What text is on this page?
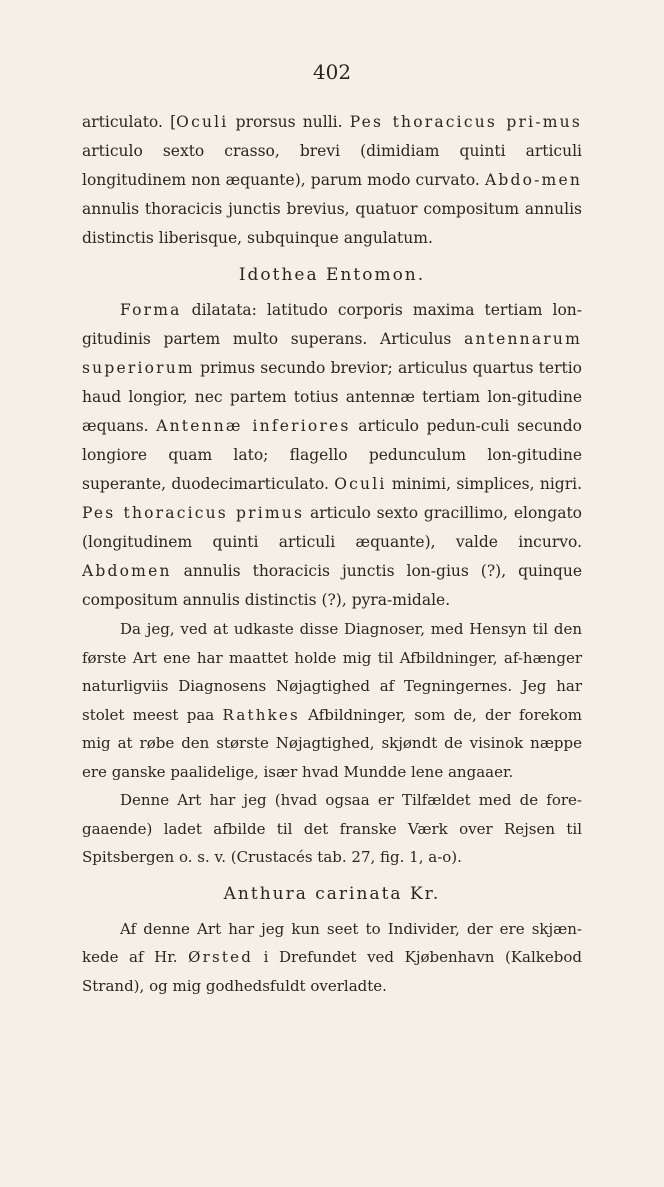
402

articulato. [Oculi prorsus nulli. Pes thoracicus pri-mus articulo sexto crasso, brevi (dimidiam quinti articuli longitudinem non æquante), parum modo curvato. Abdo-men annulis thoracicis junctis brevius, quatuor compositum annulis distinctis liberisque, subquinque angulatum.

Idothea Entomon.

Forma dilatata: latitudo corporis maxima tertiam lon-gitudinis partem multo superans. Articulus antennarum superiorum primus secundo brevior; articulus quartus tertio haud longior, nec partem totius antennæ tertiam lon-gitudine æquans. Antennæ inferiores articulo pedun-culi secundo longiore quam lato; flagello pedunculum lon-gitudine superante, duodecimarticulato. Oculi minimi, simplices, nigri. Pes thoracicus primus articulo sexto gracillimo, elongato (longitudinem quinti articuli æquante), valde incurvo. Abdomen annulis thoracicis junctis lon-gius (?), quinque compositum annulis distinctis (?), pyra-midale.

Da jeg, ved at udkaste disse Diagnoser, med Hensyn til den første Art ene har maattet holde mig til Afbildninger, af-hænger naturligviis Diagnosens Nøjagtighed af Tegningernes. Jeg har stolet meest paa Rathkes Afbildninger, som de, der forekom mig at røbe den største Nøjagtighed, skjøndt de visinok næppe ere ganske paalidelige, især hvad Mundde lene angaaer.

Denne Art har jeg (hvad ogsaa er Tilfældet med de fore-gaaende) ladet afbilde til det franske Værk over Rejsen til Spitsbergen o. s. v. (Crustacés tab. 27, fig. 1, a-o).

Anthura carinata Kr.

Af denne Art har jeg kun seet to Individer, der ere skjæn-kede af Hr. Ørsted i Drefundet ved Kjøbenhavn (Kalkebod Strand), og mig godhedsfuldt overladte.
